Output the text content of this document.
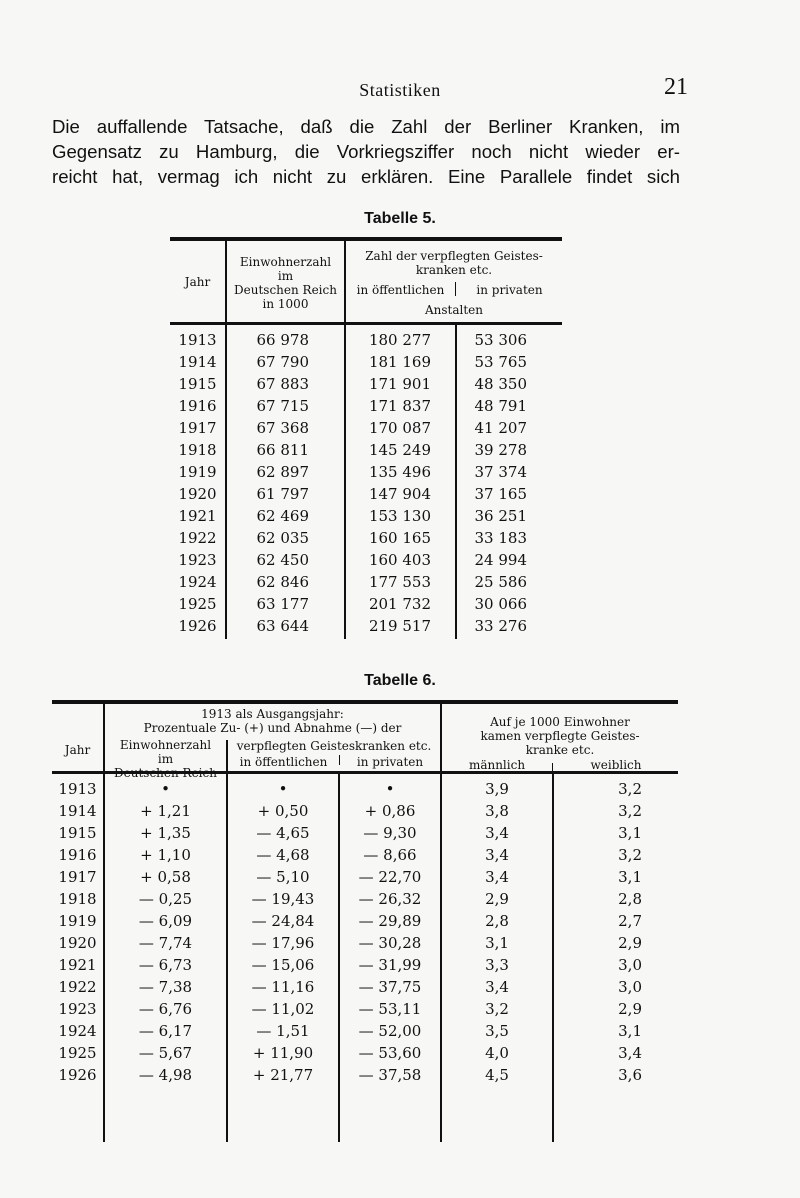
Statistiken	21
Die auffallende Tatsache, daß die Zahl der Berliner Kranken, im
Gegensatz zu Hamburg, die Vorkriegsziffer noch nicht wieder er-
reicht hat, vermag ich nicht zu erklären. Eine Parallele findet sich
Tabelle 5.
Jahr
Einwohnerzahl
im
Deutschen Reich
in 1000
Zahl der verpflegten Geistes-
kranken etc.
in öffentlichen	in privaten
Anstalten
1913	66 978	180 277	53 306
1914	67 790	181 169	53 765
1915	67 883	171 901	48 350
1916	67 715	171 837	48 791
1917	67 368	170 087	41 207
1918	66 811	145 249	39 278
1919	62 897	135 496	37 374
1920	61 797	147 904	37 165
1921	62 469	153 130	36 251
1922	62 035	160 165	33 183
1923	62 450	160 403	24 994
1924	62 846	177 553	25 586
1925	63 177	201 732	30 066
1926	63 644	219 517	33 276
Tabelle 6.
Jahr
1913 als Ausgangsjahr:
Prozentuale Zu- (+) und Abnahme (—) der
Einwohnerzahl
im
Deutschen Reich
verpflegten Geisteskranken etc.
in öffentlichen	in privaten
Auf je 1000 Einwohner
kamen verpflegte Geistes-
kranke etc.
männlich	weiblich
1913	•	•	•	3,9	3,2
1914	+ 1,21	+ 0,50	+ 0,86	3,8	3,2
1915	+ 1,35	— 4,65	— 9,30	3,4	3,1
1916	+ 1,10	— 4,68	— 8,66	3,4	3,2
1917	+ 0,58	— 5,10	— 22,70	3,4	3,1
1918	— 0,25	— 19,43	— 26,32	2,9	2,8
1919	— 6,09	— 24,84	— 29,89	2,8	2,7
1920	— 7,74	— 17,96	— 30,28	3,1	2,9
1921	— 6,73	— 15,06	— 31,99	3,3	3,0
1922	— 7,38	— 11,16	— 37,75	3,4	3,0
1923	— 6,76	— 11,02	— 53,11	3,2	2,9
1924	— 6,17	— 1,51	— 52,00	3,5	3,1
1925	— 5,67	+ 11,90	— 53,60	4,0	3,4
1926	— 4,98	+ 21,77	— 37,58	4,5	3,6
